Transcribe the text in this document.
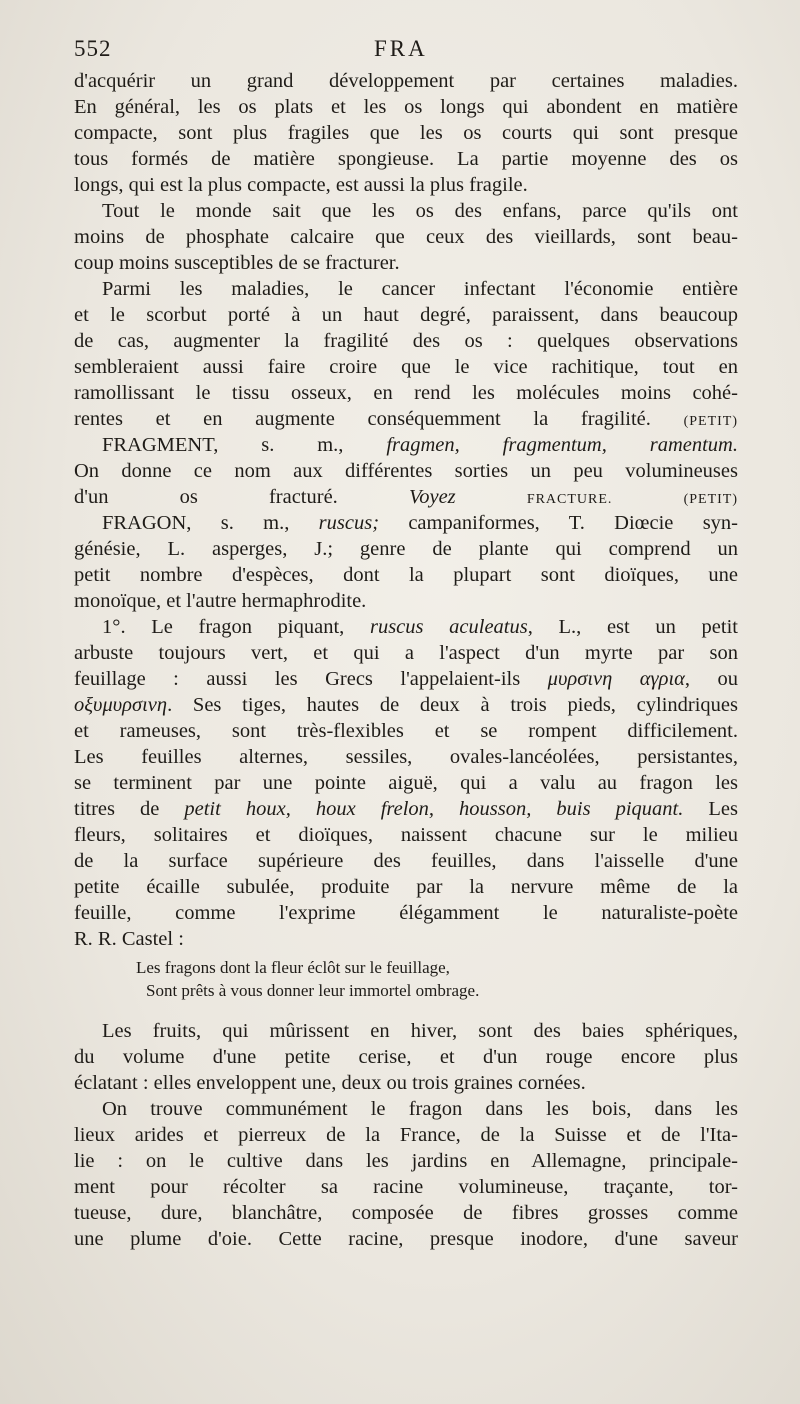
552	FRA
d'acquérir un grand développement par certaines maladies.
En général, les os plats et les os longs qui abondent en matière
compacte, sont plus fragiles que les os courts qui sont presque
tous formés de matière spongieuse. La partie moyenne des os
longs, qui est la plus compacte, est aussi la plus fragile.
Tout le monde sait que les os des enfans, parce qu'ils ont
moins de phosphate calcaire que ceux des vieillards, sont beau-
coup moins susceptibles de se fracturer.
Parmi les maladies, le cancer infectant l'économie entière
et le scorbut porté à un haut degré, paraissent, dans beaucoup
de cas, augmenter la fragilité des os : quelques observations
sembleraient aussi faire croire que le vice rachitique, tout en
ramollissant le tissu osseux, en rend les molécules moins cohé-
rentes et en augmente conséquemment la fragilité. (PETIT)
FRAGMENT, s. m., fragmen, fragmentum, ramentum.
On donne ce nom aux différentes sorties un peu volumineuses
d'un os fracturé.	Voyez	FRACTURE.	(PETIT)
FRAGON, s. m., ruscus; campaniformes, T. Diœcie syn-
génésie, L. asperges, J.; genre de plante qui comprend un
petit nombre d'espèces, dont la plupart sont dioïques, une
monoïque, et l'autre hermaphrodite.
1°. Le fragon piquant, ruscus aculeatus, L., est un petit
arbuste toujours vert, et qui a l'aspect d'un myrte par son
feuillage : aussi les Grecs l'appelaient-ils μυρσινη αγρια, ou
οξυμυρσινη. Ses tiges, hautes de deux à trois pieds, cylindriques
et rameuses, sont très-flexibles et se rompent difficilement.
Les feuilles alternes, sessiles, ovales-lancéolées, persistantes,
se terminent par une pointe aiguë, qui a valu au fragon les
titres de petit houx, houx frelon, housson, buis piquant. Les
fleurs, solitaires et dioïques, naissent chacune sur le milieu
de la surface supérieure des feuilles, dans l'aisselle d'une
petite écaille subulée, produite par la nervure même de la
feuille, comme l'exprime élégamment le naturaliste-poète
R. R. Castel :
Les fragons dont la fleur éclôt sur le feuillage,
Sont prêts à vous donner leur immortel ombrage.
Les fruits, qui mûrissent en hiver, sont des baies sphériques,
du volume d'une petite cerise, et d'un rouge encore plus
éclatant : elles enveloppent une, deux ou trois graines cornées.
On trouve communément le fragon dans les bois, dans les
lieux arides et pierreux de la France, de la Suisse et de l'Ita-
lie : on le cultive dans les jardins en Allemagne, principale-
ment pour récolter sa racine volumineuse, traçante, tor-
tueuse, dure, blanchâtre, composée de fibres grosses comme
une plume d'oie. Cette racine, presque inodore, d'une saveur
